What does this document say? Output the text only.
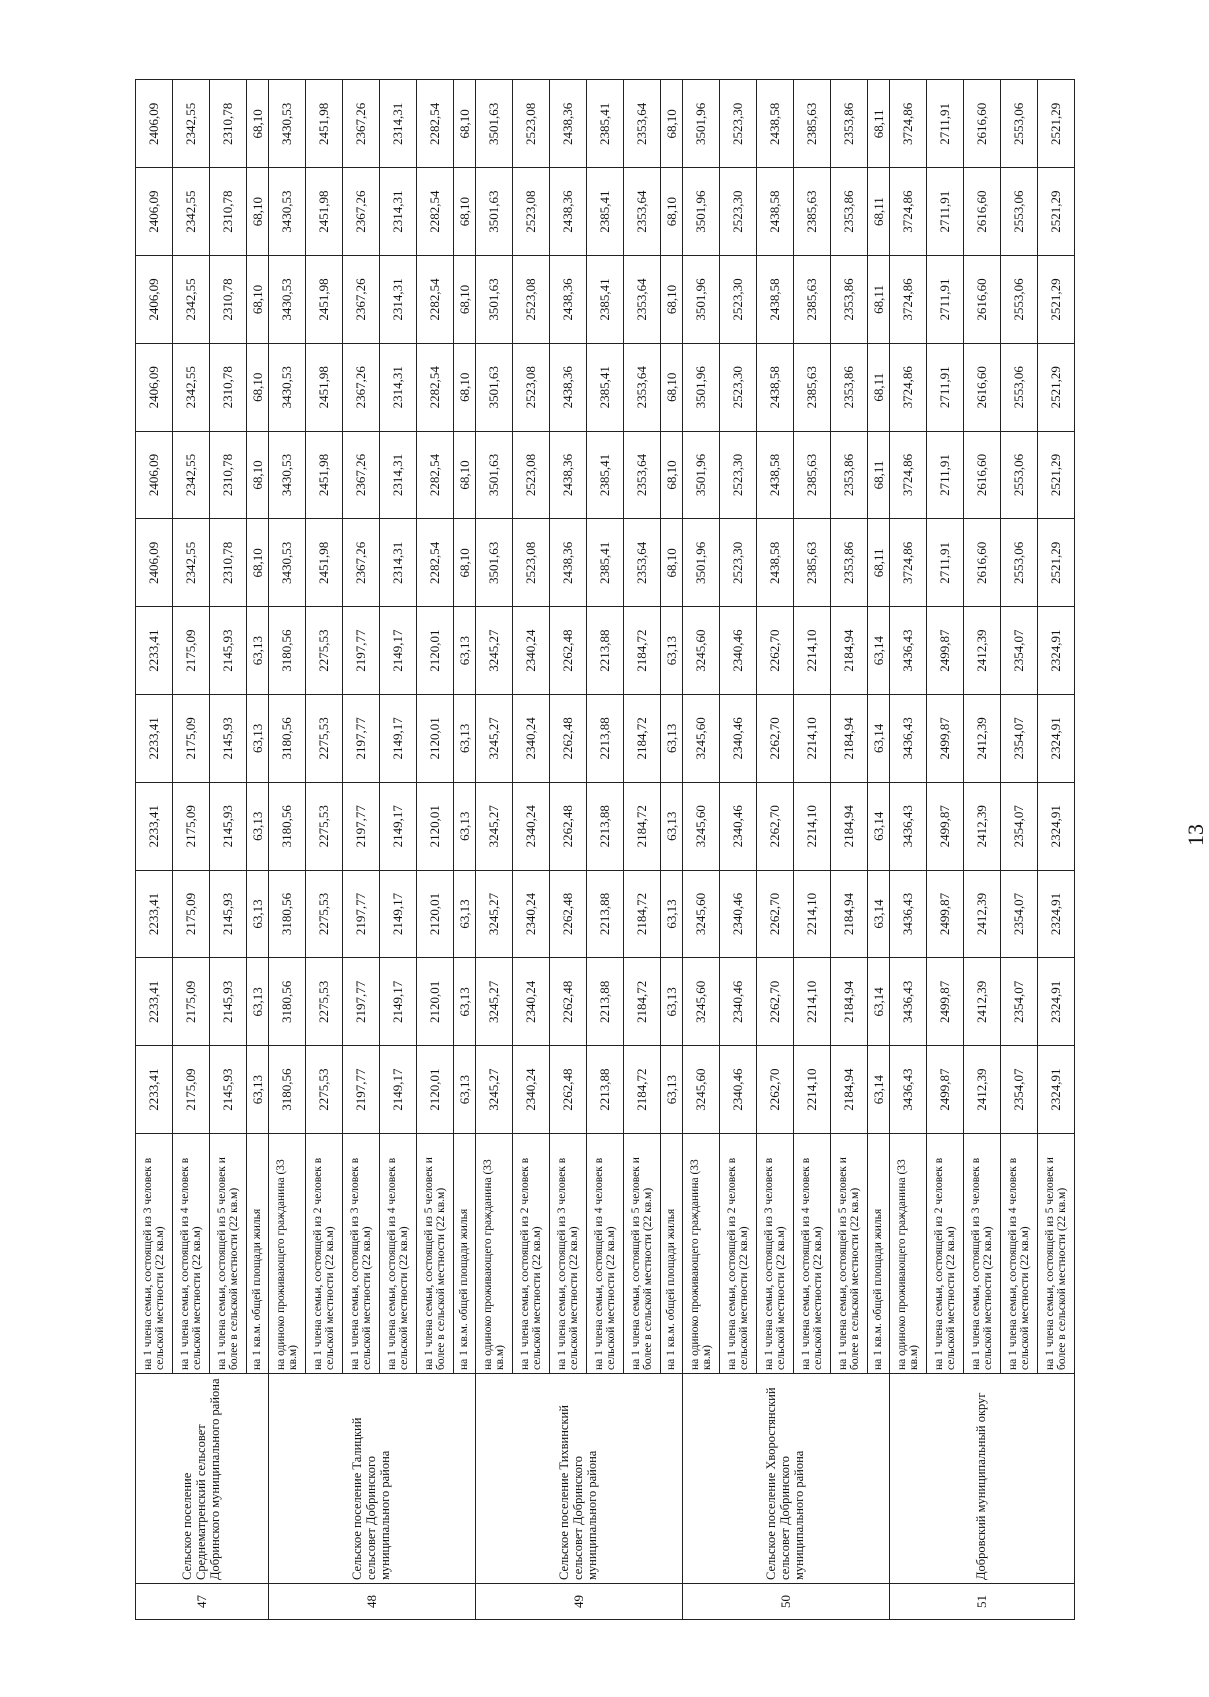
47	Сельское поселение Среднематренский сельсовет Добринского муниципального района	на 1 члена семьи, состоящей из 3 человек в сельской местности (22 кв.м)	2233,41	2233,41	2233,41	2233,41	2233,41	2233,41	2406,09	2406,09	2406,09	2406,09	2406,09	2406,09
		на 1 члена семьи, состоящей из 4 человек в сельской местности (22 кв.м)	2175,09	2175,09	2175,09	2175,09	2175,09	2175,09	2342,55	2342,55	2342,55	2342,55	2342,55	2342,55
		на 1 члена семьи, состоящей из 5 человек и более в сельской местности (22 кв.м)	2145,93	2145,93	2145,93	2145,93	2145,93	2145,93	2310,78	2310,78	2310,78	2310,78	2310,78	2310,78
		на 1 кв.м. общей площади жилья	63,13	63,13	63,13	63,13	63,13	63,13	68,10	68,10	68,10	68,10	68,10	68,10
48	Сельское поселение Талицкий сельсовет Добринского муниципального района	на одиноко проживающего гражданина (33 кв.м)	3180,56	3180,56	3180,56	3180,56	3180,56	3180,56	3430,53	3430,53	3430,53	3430,53	3430,53	3430,53
		на 1 члена семьи, состоящей из 2 человек в сельской местности (22 кв.м)	2275,53	2275,53	2275,53	2275,53	2275,53	2275,53	2451,98	2451,98	2451,98	2451,98	2451,98	2451,98
		на 1 члена семьи, состоящей из 3 человек в сельской местности (22 кв.м)	2197,77	2197,77	2197,77	2197,77	2197,77	2197,77	2367,26	2367,26	2367,26	2367,26	2367,26	2367,26
		на 1 члена семьи, состоящей из 4 человек в сельской местности (22 кв.м)	2149,17	2149,17	2149,17	2149,17	2149,17	2149,17	2314,31	2314,31	2314,31	2314,31	2314,31	2314,31
		на 1 члена семьи, состоящей из 5 человек и более в сельской местности (22 кв.м)	2120,01	2120,01	2120,01	2120,01	2120,01	2120,01	2282,54	2282,54	2282,54	2282,54	2282,54	2282,54
		на 1 кв.м. общей площади жилья	63,13	63,13	63,13	63,13	63,13	63,13	68,10	68,10	68,10	68,10	68,10	68,10
49	Сельское поселение Тихвинский сельсовет Добринского муниципального района	на одиноко проживающего гражданина (33 кв.м)	3245,27	3245,27	3245,27	3245,27	3245,27	3245,27	3501,63	3501,63	3501,63	3501,63	3501,63	3501,63
		на 1 члена семьи, состоящей из 2 человек в сельской местности (22 кв.м)	2340,24	2340,24	2340,24	2340,24	2340,24	2340,24	2523,08	2523,08	2523,08	2523,08	2523,08	2523,08
		на 1 члена семьи, состоящей из 3 человек в сельской местности (22 кв.м)	2262,48	2262,48	2262,48	2262,48	2262,48	2262,48	2438,36	2438,36	2438,36	2438,36	2438,36	2438,36
		на 1 члена семьи, состоящей из 4 человек в сельской местности (22 кв.м)	2213,88	2213,88	2213,88	2213,88	2213,88	2213,88	2385,41	2385,41	2385,41	2385,41	2385,41	2385,41
		на 1 члена семьи, состоящей из 5 человек и более в сельской местности (22 кв.м)	2184,72	2184,72	2184,72	2184,72	2184,72	2184,72	2353,64	2353,64	2353,64	2353,64	2353,64	2353,64
		на 1 кв.м. общей площади жилья	63,13	63,13	63,13	63,13	63,13	63,13	68,10	68,10	68,10	68,10	68,10	68,10
50	Сельское поселение Хворостянский сельсовет Добринского муниципального района	на одиноко проживающего гражданина (33 кв.м)	3245,60	3245,60	3245,60	3245,60	3245,60	3245,60	3501,96	3501,96	3501,96	3501,96	3501,96	3501,96
		на 1 члена семьи, состоящей из 2 человек в сельской местности (22 кв.м)	2340,46	2340,46	2340,46	2340,46	2340,46	2340,46	2523,30	2523,30	2523,30	2523,30	2523,30	2523,30
		на 1 члена семьи, состоящей из 3 человек в сельской местности (22 кв.м)	2262,70	2262,70	2262,70	2262,70	2262,70	2262,70	2438,58	2438,58	2438,58	2438,58	2438,58	2438,58
		на 1 члена семьи, состоящей из 4 человек в сельской местности (22 кв.м)	2214,10	2214,10	2214,10	2214,10	2214,10	2214,10	2385,63	2385,63	2385,63	2385,63	2385,63	2385,63
		на 1 члена семьи, состоящей из 5 человек и более в сельской местности (22 кв.м)	2184,94	2184,94	2184,94	2184,94	2184,94	2184,94	2353,86	2353,86	2353,86	2353,86	2353,86	2353,86
		на 1 кв.м. общей площади жилья	63,14	63,14	63,14	63,14	63,14	63,14	68,11	68,11	68,11	68,11	68,11	68,11
51	Добровский муниципальный округ	на одиноко проживающего гражданина (33 кв.м)	3436,43	3436,43	3436,43	3436,43	3436,43	3436,43	3724,86	3724,86	3724,86	3724,86	3724,86	3724,86
		на 1 члена семьи, состоящей из 2 человек в сельской местности (22 кв.м)	2499,87	2499,87	2499,87	2499,87	2499,87	2499,87	2711,91	2711,91	2711,91	2711,91	2711,91	2711,91
		на 1 члена семьи, состоящей из 3 человек в сельской местности (22 кв.м)	2412,39	2412,39	2412,39	2412,39	2412,39	2412,39	2616,60	2616,60	2616,60	2616,60	2616,60	2616,60
		на 1 члена семьи, состоящей из 4 человек в сельской местности (22 кв.м)	2354,07	2354,07	2354,07	2354,07	2354,07	2354,07	2553,06	2553,06	2553,06	2553,06	2553,06	2553,06
		на 1 члена семьи, состоящей из 5 человек и более в сельской местности (22 кв.м)	2324,91	2324,91	2324,91	2324,91	2324,91	2324,91	2521,29	2521,29	2521,29	2521,29	2521,29	2521,29
13
